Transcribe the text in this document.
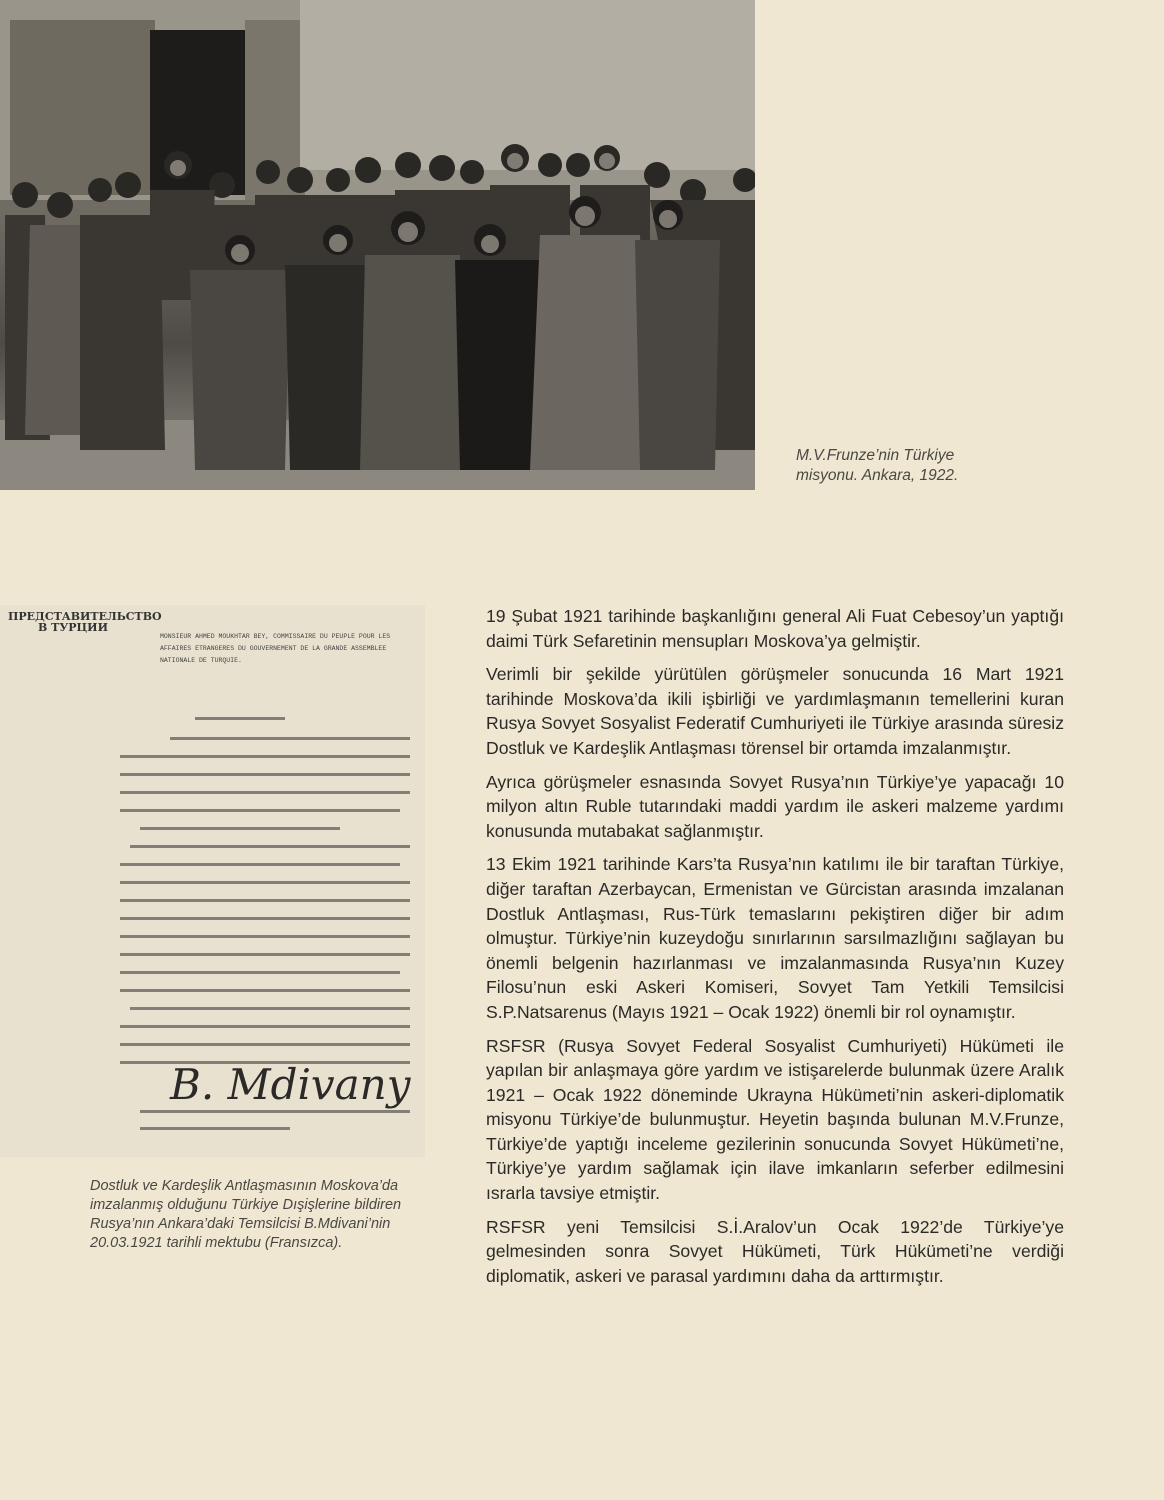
M.V.Frunze’nin Türkiye misyonu. Ankara, 1922.
ПРЕДСТАВИТЕЛЬСТВО
В ТУРЦИИ
MONSIEUR AHMED MOUKHTAR BEY, COMMISSAIRE DU PEUPLE POUR LES AFFAIRES ETRANGERES DU GOUVERNEMENT DE LA GRANDE ASSEMBLEE NATIONALE DE TURQUIE.
B. Mdivany
Dostluk ve Kardeşlik Antlaşmasının Moskova’da imzalanmış olduğunu Türkiye Dışişlerine bildiren Rusya’nın Ankara’daki Temsilcisi B.Mdivani’nin 20.03.1921 tarihli mektubu (Fransızca).

19 Şubat 1921 tarihinde başkanlığını general Ali Fuat Cebesoy’un yaptığı daimi Türk Sefaretinin mensupları Moskova’ya gelmiştir.

Verimli bir şekilde yürütülen görüşmeler sonucunda 16 Mart 1921 tarihinde Moskova’da ikili işbirliği ve yardımlaşmanın temellerini kuran Rusya Sovyet Sosyalist Federatif Cumhuriyeti ile Türkiye arasında süresiz Dostluk ve Kardeşlik Antlaşması törensel bir ortamda imzalanmıştır.

Ayrıca görüşmeler esnasında Sovyet Rusya’nın Türkiye’ye yapacağı 10 milyon altın Ruble tutarındaki maddi yardım ile askeri malzeme yardımı konusunda mutabakat sağlanmıştır.

13 Ekim 1921 tarihinde Kars’ta Rusya’nın katılımı ile bir taraftan Türkiye, diğer taraftan Azerbaycan, Ermenistan ve Gürcistan arasında imzalanan Dostluk Antlaşması, Rus-Türk temaslarını pekiştiren diğer bir adım olmuştur. Türkiye’nin kuzeydoğu sınırlarının sarsılmazlığını sağlayan bu önemli belgenin hazırlanması ve imzalanmasında Rusya’nın Kuzey Filosu’nun eski Askeri Komiseri, Sovyet Tam Yetkili Temsilcisi S.P.Natsarenus (Mayıs 1921 – Ocak 1922) önemli bir rol oynamıştır.

RSFSR (Rusya Sovyet Federal Sosyalist Cumhuriyeti) Hükümeti ile yapılan bir anlaşmaya göre yardım ve istişarelerde bulunmak üzere Aralık 1921 – Ocak 1922 döneminde Ukrayna Hükümeti’nin askeri-diplomatik misyonu Türkiye’de bulunmuştur. Heyetin başında bulunan M.V.Frunze, Türkiye’de yaptığı inceleme gezilerinin sonucunda Sovyet Hükümeti’ne, Türkiye’ye yardım sağlamak için ilave imkanların seferber edilmesini ısrarla tavsiye etmiştir.

RSFSR yeni Temsilcisi S.İ.Aralov’un Ocak 1922’de Türkiye’ye gelmesinden sonra Sovyet Hükümeti, Türk Hükümeti’ne verdiği diplomatik, askeri ve parasal yardımını daha da arttırmıştır.
